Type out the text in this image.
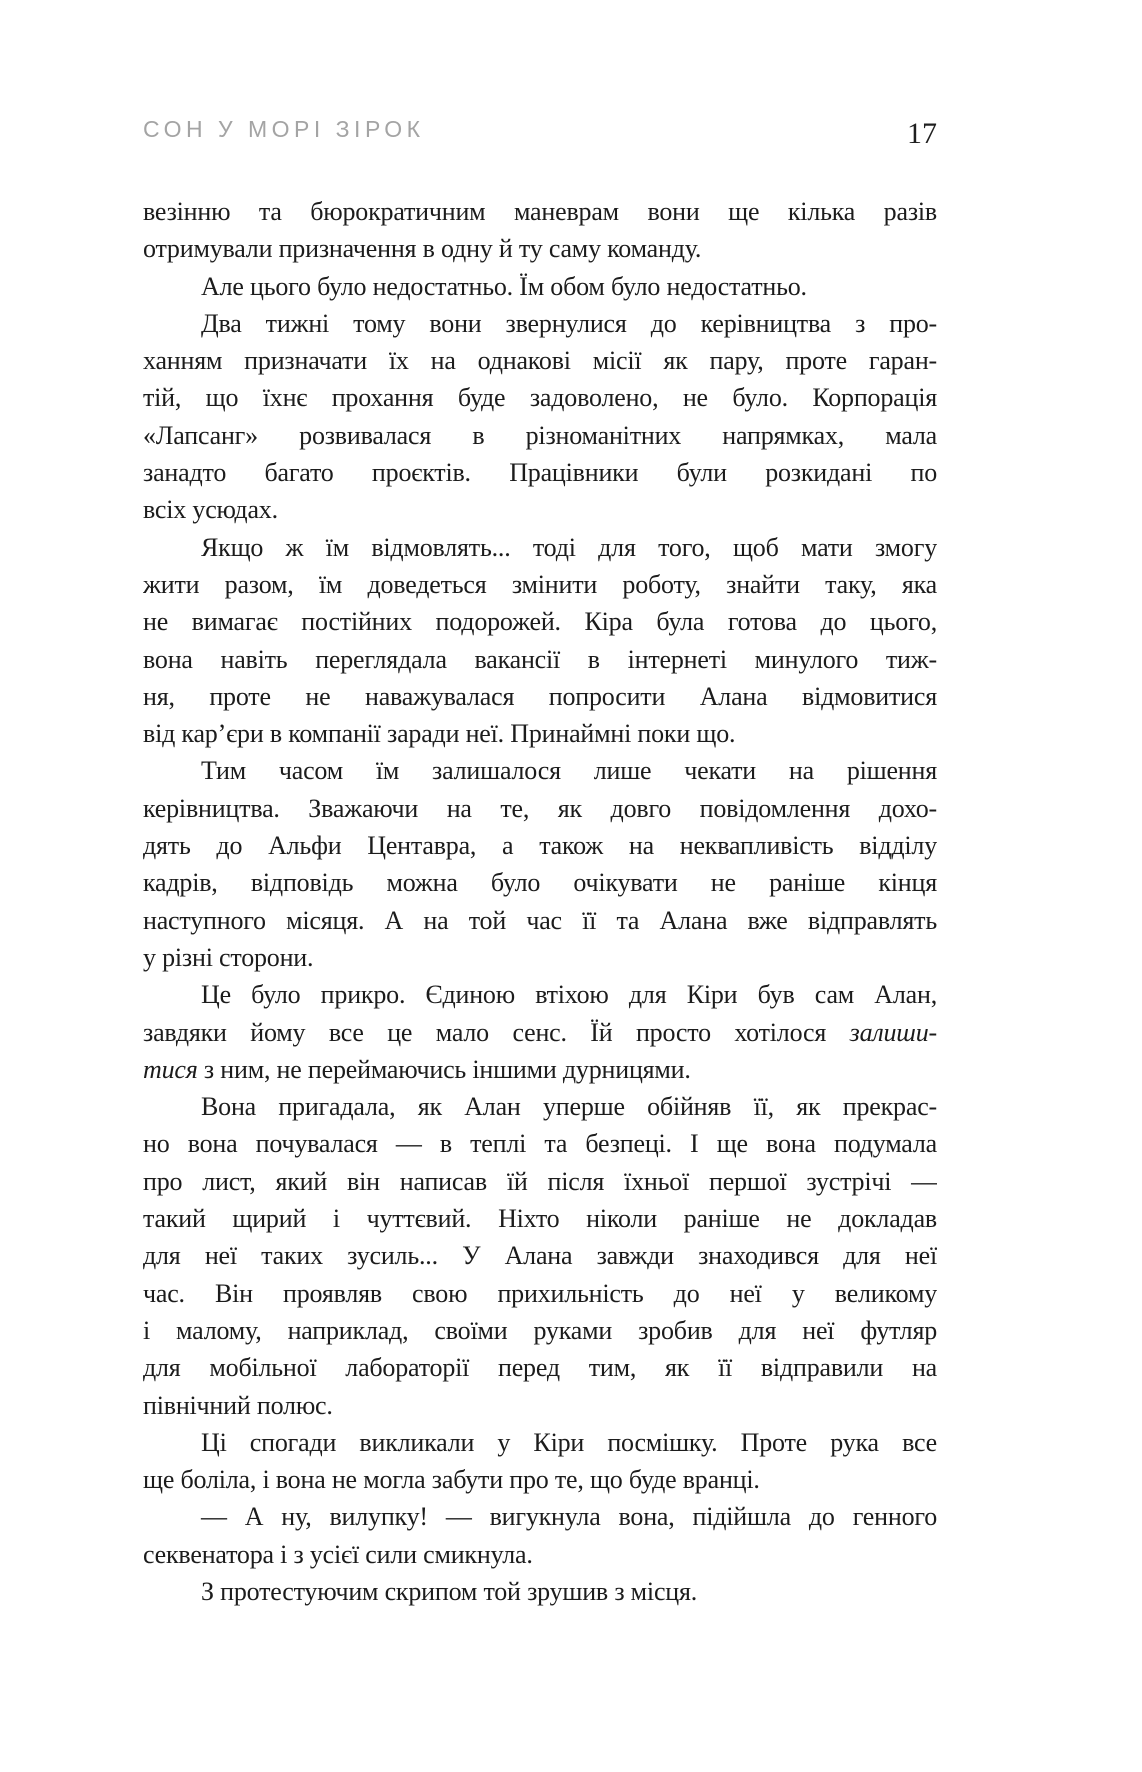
СОН У МОРІ ЗІРОК	17
везінню та бюрократичним маневрам вони ще кілька разів
отримували призначення в одну й ту саму команду.
Але цього було недостатньо. Їм обом було недостатньо.
Два тижні тому вони звернулися до керівництва з про-
ханням призначати їх на однакові місії як пару, проте гаран-
тій, що їхнє прохання буде задоволено, не було. Корпорація
«Лапсанг» розвивалася в різноманітних напрямках, мала
занадто багато проєктів. Працівники були розкидані по
всіх усюдах.
Якщо ж їм відмовлять... тоді для того, щоб мати змогу
жити разом, їм доведеться змінити роботу, знайти таку, яка
не вимагає постійних подорожей. Кіра була готова до цього,
вона навіть переглядала вакансії в інтернеті минулого тиж-
ня, проте не наважувалася попросити Алана відмовитися
від кар’єри в компанії заради неї. Принаймні поки що.
Тим часом їм залишалося лише чекати на рішення
керівництва. Зважаючи на те, як довго повідомлення дохо-
дять до Альфи Центавра, а також на неквапливість відділу
кадрів, відповідь можна було очікувати не раніше кінця
наступного місяця. А на той час її та Алана вже відправлять
у різні сторони.
Це було прикро. Єдиною втіхою для Кіри був сам Алан,
завдяки йому все це мало сенс. Їй просто хотілося залиши-
тися з ним, не переймаючись іншими дурницями.
Вона пригадала, як Алан уперше обійняв її, як прекрас-
но вона почувалася — в теплі та безпеці. І ще вона подумала
про лист, який він написав їй після їхньої першої зустрічі —
такий щирий і чуттєвий. Ніхто ніколи раніше не докладав
для неї таких зусиль... У Алана завжди знаходився для неї
час. Він проявляв свою прихильність до неї у великому
і малому, наприклад, своїми руками зробив для неї футляр
для мобільної лабораторії перед тим, як її відправили на
північний полюс.
Ці спогади викликали у Кіри посмішку. Проте рука все
ще боліла, і вона не могла забути про те, що буде вранці.
— А ну, вилупку! — вигукнула вона, підійшла до генного
секвенатора і з усієї сили смикнула.
З протестуючим скрипом той зрушив з місця.
